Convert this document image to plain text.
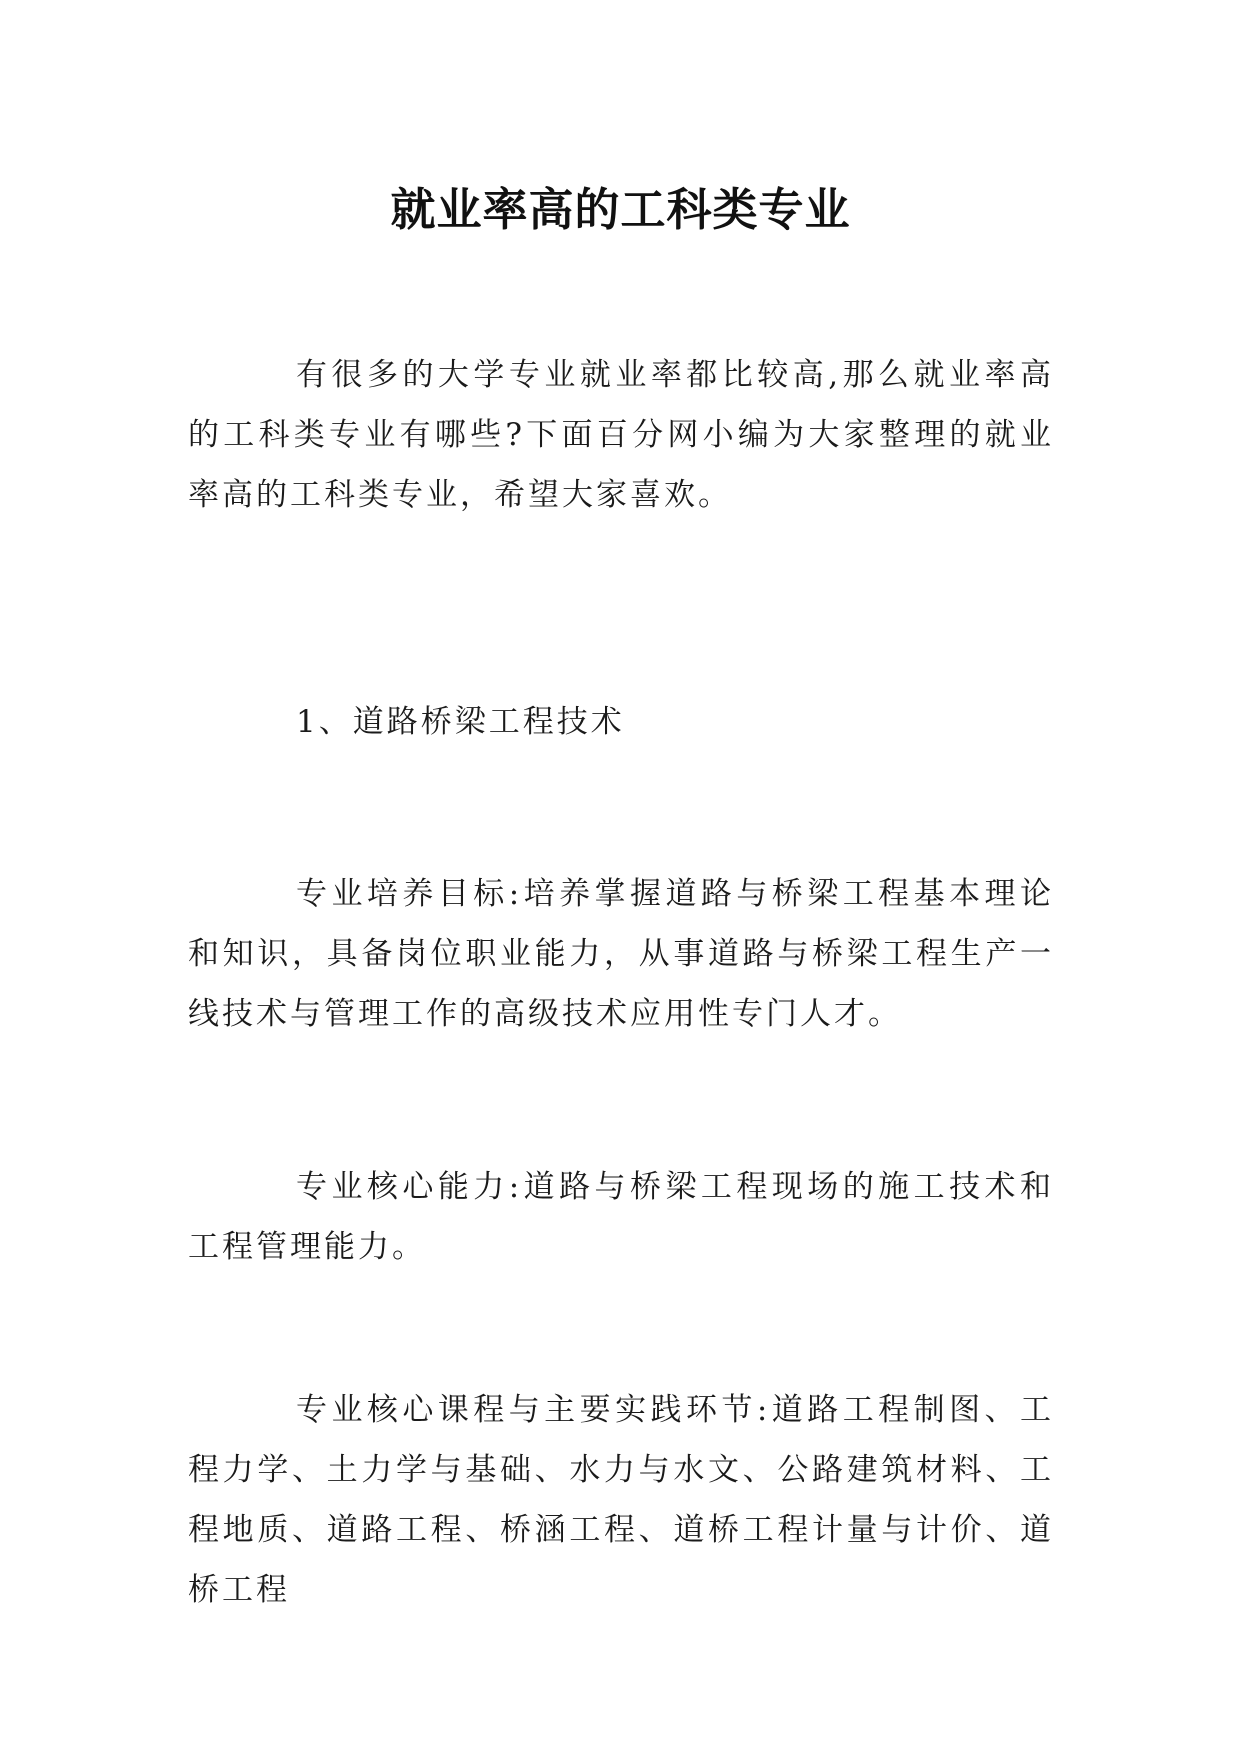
就业率高的工科类专业

有很多的大学专业就业率都比较高,那么就业率高的工科类专业有哪些?下面百分网小编为大家整理的就业率高的工科类专业，希望大家喜欢。

1、道路桥梁工程技术

专业培养目标:培养掌握道路与桥梁工程基本理论和知识，具备岗位职业能力，从事道路与桥梁工程生产一线技术与管理工作的高级技术应用性专门人才。

专业核心能力:道路与桥梁工程现场的施工技术和工程管理能力。

专业核心课程与主要实践环节:道路工程制图、工程力学、土力学与基础、水力与水文、公路建筑材料、工程地质、道路工程、桥涵工程、道桥工程计量与计价、道桥工程
